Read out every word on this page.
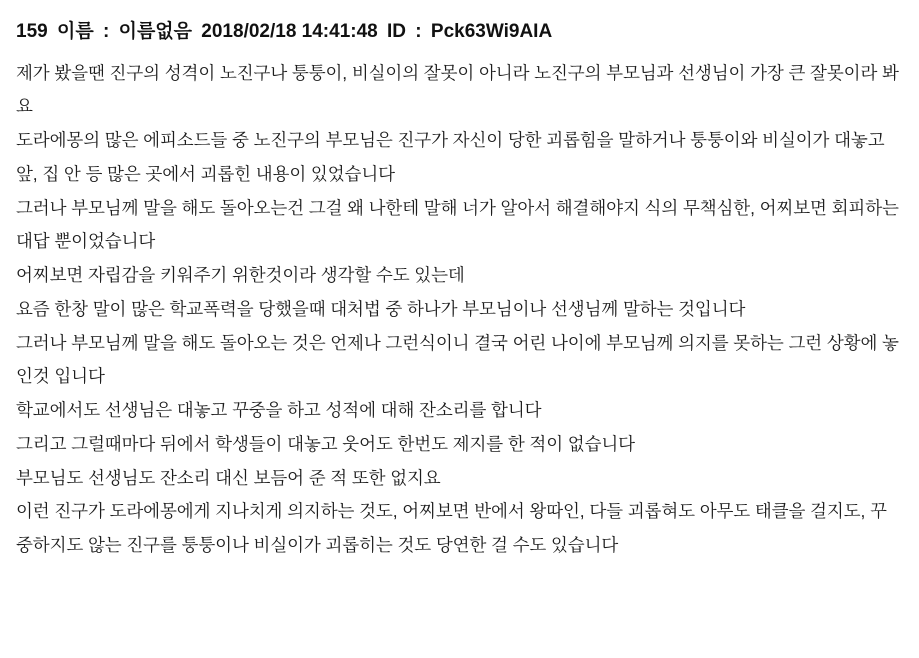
159 이름 : 이름없음 2018/02/18 14:41:48 ID : Pck63Wi9AIA

제가 봤을땐 진구의 성격이 노진구나 퉁퉁이, 비실이의 잘못이 아니라 노진구의 부모님과 선생님이 가장 큰 잘못이라 봐요

도라에몽의 많은 에피소드들 중 노진구의 부모님은 진구가 자신이 당한 괴롭힘을 말하거나 퉁퉁이와 비실이가 대놓고 앞, 집 안 등 많은 곳에서 괴롭힌 내용이 있었습니다

그러나 부모님께 말을 해도 돌아오는건 그걸 왜 나한테 말해 너가 알아서 해결해야지 식의 무책심한, 어찌보면 회피하는 대답 뿐이었습니다

어찌보면 자립감을 키워주기 위한것이라 생각할 수도 있는데

요즘 한창 말이 많은 학교폭력을 당했을때 대처법 중 하나가 부모님이나 선생님께 말하는 것입니다

그러나 부모님께 말을 해도 돌아오는 것은 언제나 그런식이니 결국 어린 나이에 부모님께 의지를 못하는 그런 상황에 놓인것 입니다

학교에서도 선생님은 대놓고 꾸중을 하고 성적에 대해 잔소리를 합니다

그리고 그럴때마다 뒤에서 학생들이 대놓고 웃어도 한번도 제지를 한 적이 없습니다

부모님도 선생님도 잔소리 대신 보듬어 준 적 또한 없지요

이런 진구가 도라에몽에게 지나치게 의지하는 것도, 어찌보면 반에서 왕따인, 다들 괴롭혀도 아무도 태클을 걸지도, 꾸중하지도 않는 진구를 퉁퉁이나 비실이가 괴롭히는 것도 당연한 걸 수도 있습니다
